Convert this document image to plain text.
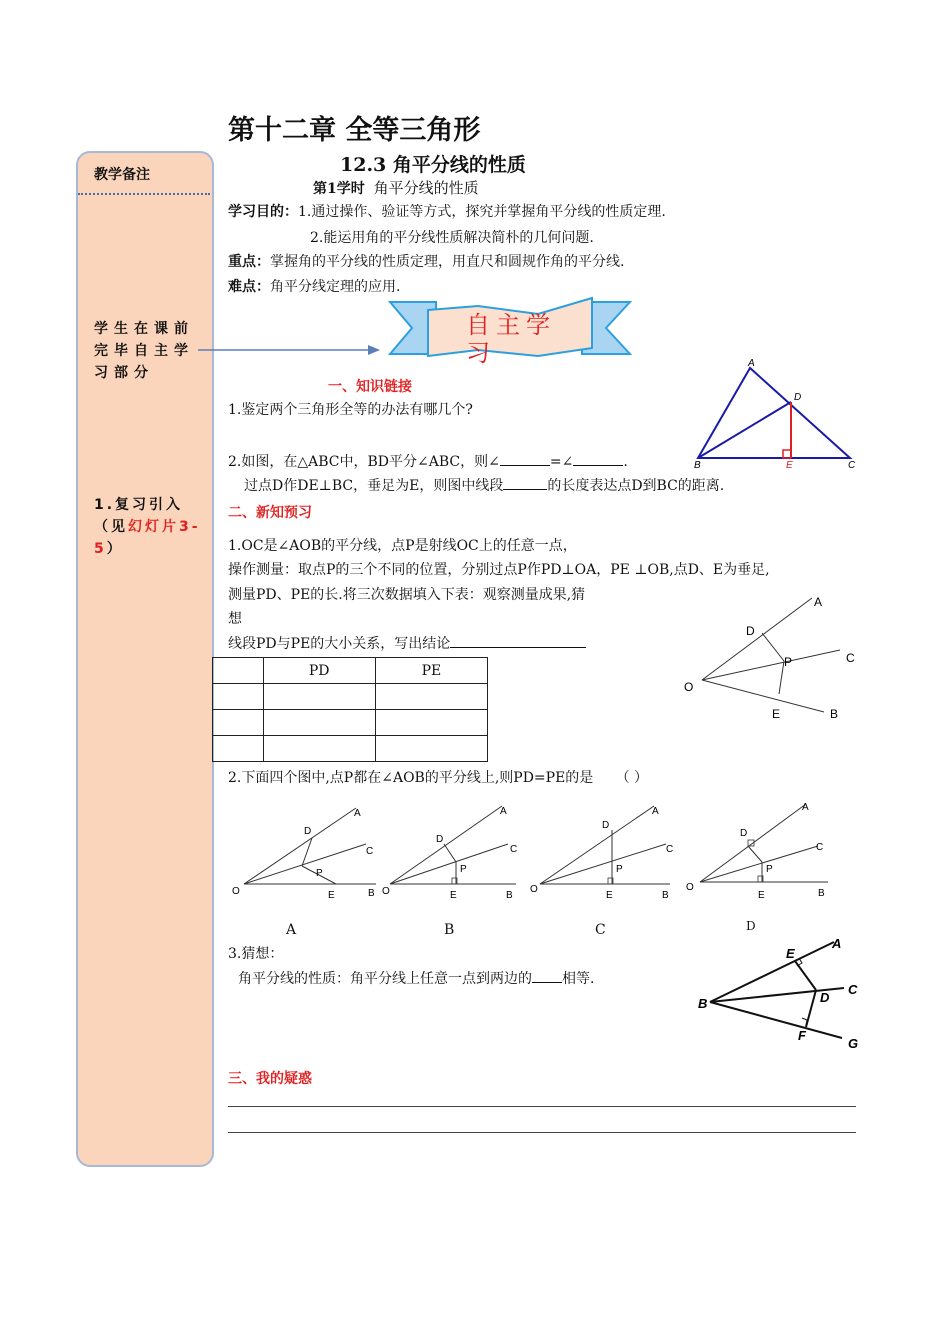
教学备注
学生在课前完毕自主学习部分
1.复习引入（见幻灯片3-5）
第十二章 全等三角形
12.3 角平分线的性质
第1学时 角平分线的性质
学习目的：1.通过操作、验证等方式，探究并掌握角平分线的性质定理.
2.能运用角的平分线性质解决简朴的几何问题.
重点：掌握角的平分线的性质定理，用直尺和圆规作角的平分线.
难点：角平分线定理的应用.
自主学习
一、知识链接
1.鉴定两个三角形全等的办法有哪几个?
2.如图，在△ABC中，BD平分∠ABC，则∠	=∠	.
过点D作DE⊥BC，垂足为E，则图中线段	的长度表达点D到BC的距离.
A
B	C
D
E
二、新知预习
1.OC是∠AOB的平分线，点P是射线OC上的任意一点，
操作测量：取点P的三个不同的位置，分别过点P作PD⊥OA，PE ⊥OB,点D、E为垂足,
测量PD、PE的长.将三次数据填入下表：观察测量成果,猜
想
线段PD与PE的大小关系，写出结论
	PD	PE

A
D
C
O
P
E	B
2.下面四个图中,点P都在∠AOB的平分线上,则PD=PE的是 （ ）
O
A
B
C
D
P
E	O
A
B
C
D
P
E
O
A
B
C
D
P
E
O
A
B
C
D
P
E
A	B	C	D
3.猜想：
角平分线的性质：角平分线上任意一点到两边的 相等.
B
E
A
D
C
F
G
三、我的疑惑
